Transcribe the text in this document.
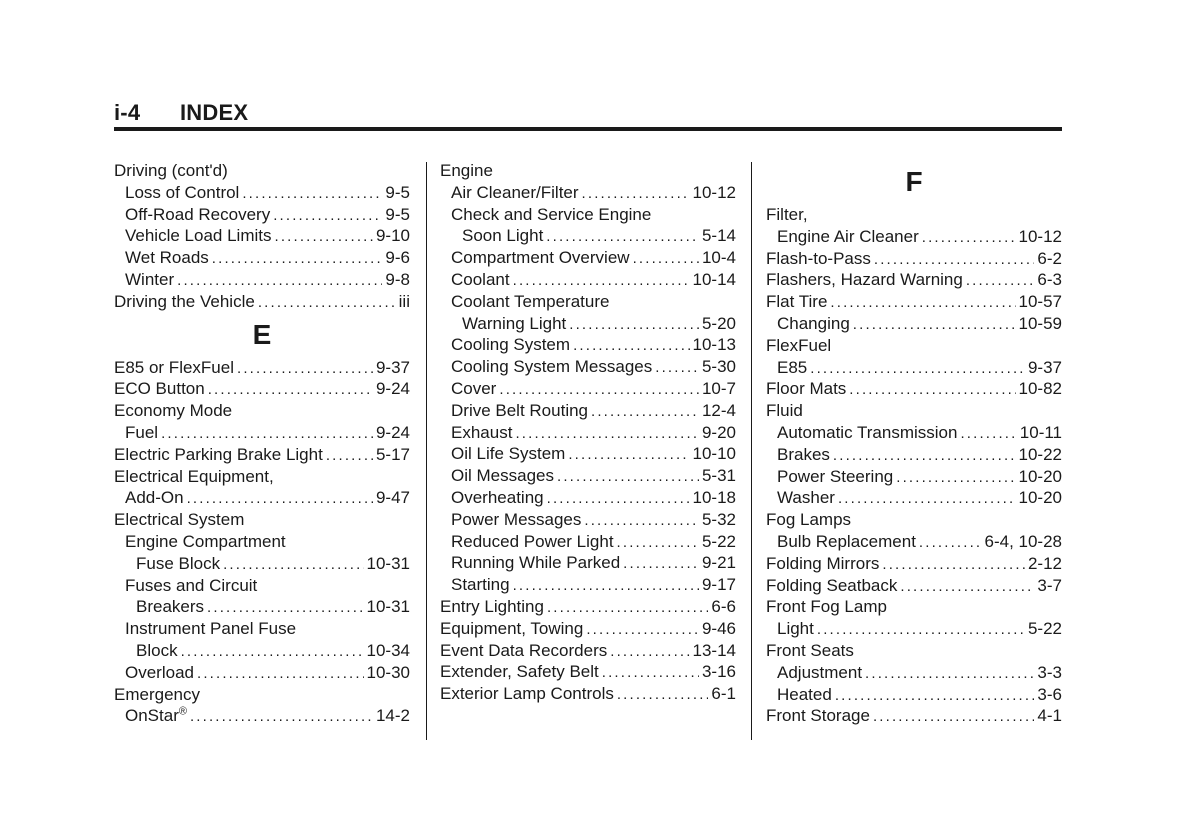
i-4 INDEX
Driving (cont'd)
Loss of Control . . .	9-5
Off-Road Recovery . . .	9-5
Vehicle Load Limits . . .	9-10
Wet Roads . . .	9-6
Winter . . .	9-8
Driving the Vehicle . . .	iii
E
E85 or FlexFuel . . .	9-37
ECO Button . . .	9-24
Economy Mode
Fuel . . .	9-24
Electric Parking Brake Light . . .	5-17
Electrical Equipment,
Add-On . . .	9-47
Electrical System
Engine Compartment
Fuse Block . . .	10-31
Fuses and Circuit
Breakers . . .	10-31
Instrument Panel Fuse
Block . . .	10-34
Overload . . .	10-30
Emergency
OnStar® . . .	14-2
Engine
Air Cleaner/Filter . . .	10-12
Check and Service Engine
Soon Light . . .	5-14
Compartment Overview . . .	10-4
Coolant . . .	10-14
Coolant Temperature
Warning Light . . .	5-20
Cooling System . . .	10-13
Cooling System Messages . . .	5-30
Cover . . .	10-7
Drive Belt Routing . . .	12-4
Exhaust . . .	9-20
Oil Life System . . .	10-10
Oil Messages . . .	5-31
Overheating . . .	10-18
Power Messages . . .	5-32
Reduced Power Light . . .	5-22
Running While Parked . . .	9-21
Starting . . .	9-17
Entry Lighting . . .	6-6
Equipment, Towing . . .	9-46
Event Data Recorders . . .	13-14
Extender, Safety Belt . . .	3-16
Exterior Lamp Controls . . .	6-1
F
Filter,
Engine Air Cleaner . . .	10-12
Flash-to-Pass . . .	6-2
Flashers, Hazard Warning . . .	6-3
Flat Tire . . .	10-57
Changing . . .	10-59
FlexFuel
E85 . . .	9-37
Floor Mats . . .	10-82
Fluid
Automatic Transmission . . .	10-11
Brakes . . .	10-22
Power Steering . . .	10-20
Washer . . .	10-20
Fog Lamps
Bulb Replacement . . .	6-4, 10-28
Folding Mirrors . . .	2-12
Folding Seatback . . .	3-7
Front Fog Lamp
Light . . .	5-22
Front Seats
Adjustment . . .	3-3
Heated . . .	3-6
Front Storage . . .	4-1
